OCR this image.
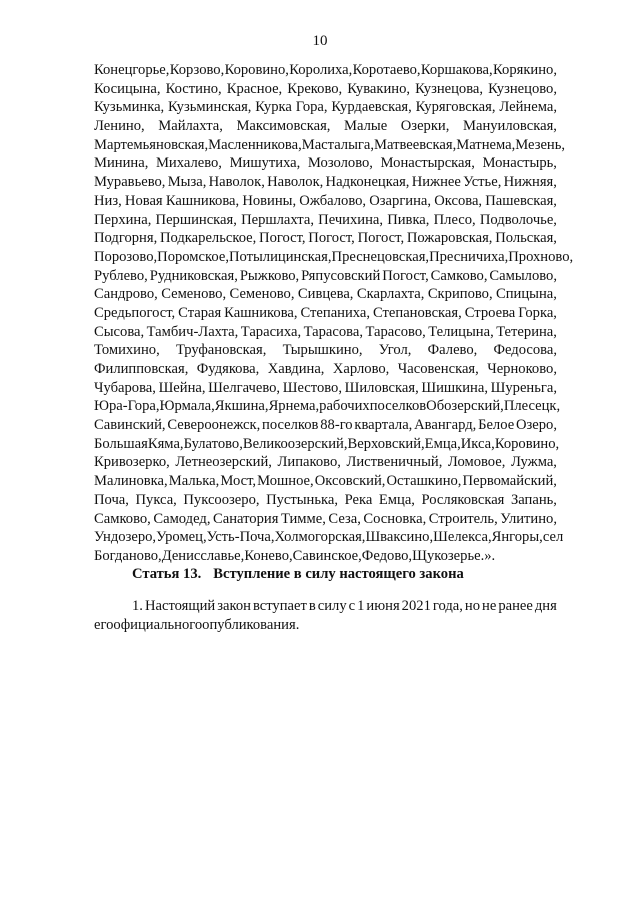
10
Конецгорье, Корзово, Коровино, Королиха, Коротаево, Коршакова, Корякино,
Косицына, Костино, Красное, Креково, Кувакино, Кузнецова, Кузнецово,
Кузьминка, Кузьминская, Курка Гора, Курдаевская, Куряговская, Лейнема,
Ленино, Майлахта, Максимовская, Малые Озерки, Мануиловская,
Мартемьяновская, Масленникова, Масталыга, Матвеевская, Матнема, Мезень,
Минина, Михалево, Мишутиха, Мозолово, Монастырская, Монастырь,
Муравьево, Мыза, Наволок, Наволок, Надконецкая, Нижнее Устье, Нижняя,
Низ, Новая Кашникова, Новины, Ожбалово, Озаргина, Оксова, Пашевская,
Перхина, Першинская, Першлахта, Печихина, Пивка, Плесо, Подволочье,
Подгорня, Подкарельское, Погост, Погост, Погост, Пожаровская, Польская,
Порозово, Поромское, Потылицинская, Преснецовская, Пресничиха, Прохново,
Рублево, Рудниковская, Рыжково, Ряпусовский Погост, Самково, Самылово,
Сандрово, Семеново, Семеново, Сивцева, Скарлахта, Скрипово, Спицына,
Средьпогост, Старая Кашникова, Степаниха, Степановская, Строева Горка,
Сысова, Тамбич-Лахта, Тарасиха, Тарасова, Тарасово, Телицына, Тетерина,
Томихино, Труфановская, Тырышкино, Угол, Фалево, Федосова,
Филипповская, Фудякова, Хавдина, Харлово, Часовенская, Черноково,
Чубарова, Шейна, Шелгачево, Шестово, Шиловская, Шишкина, Шуреньга,
Юра-Гора, Юрмала, Якшина, Ярнема, рабочих поселков Обозерский, Плесецк,
Савинский, Североонежск, поселков 88-го квартала, Авангард, Белое Озеро,
Большая Кяма, Булатово, Великоозерский, Верховский, Емца, Икса, Коровино,
Кривозерко, Летнеозерский, Липаково, Лиственичный, Ломовое, Лужма,
Малиновка, Малька, Мост, Мошное, Оксовский, Осташкино, Первомайский,
Поча, Пукса, Пуксоозеро, Пустынька, Река Емца, Росляковская Запань,
Самково, Самодед, Санатория Тимме, Сеза, Сосновка, Строитель, Улитино,
Ундозеро, Уромец, Усть-Поча, Холмогорская, Шваксино, Шелекса, Янгоры, сел
Богданово, Денисславье, Конево, Савинское, Федово, Щукозерье.».
Статья 13. Вступление в силу настоящего закона
1. Настоящий закон вступает в силу с 1 июня 2021 года, но не ранее дня
его официального опубликования.
